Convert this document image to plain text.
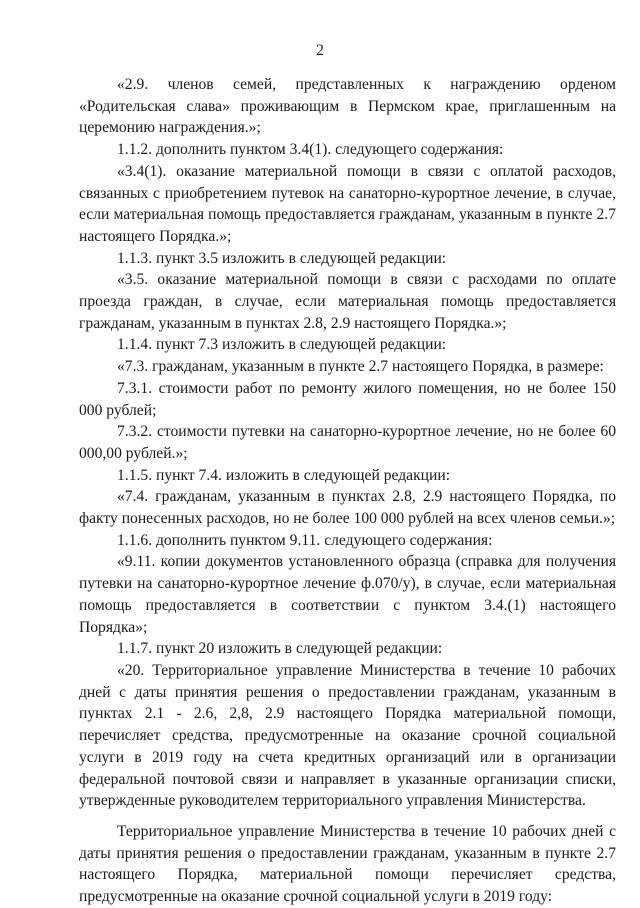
2

«2.9. членов семей, представленных к награждению орденом «Родительская слава» проживающим в Пермском крае, приглашенным на церемонию награждения.»;

1.1.2. дополнить пунктом 3.4(1). следующего содержания:

«3.4(1). оказание материальной помощи в связи с оплатой расходов, связанных с приобретением путевок на санаторно-курортное лечение, в случае, если материальная помощь предоставляется гражданам, указанным в пункте 2.7 настоящего Порядка.»;

1.1.3. пункт 3.5 изложить в следующей редакции:

«3.5. оказание материальной помощи в связи с расходами по оплате проезда граждан, в случае, если материальная помощь предоставляется гражданам, указанным в пунктах 2.8, 2.9 настоящего Порядка.»;

1.1.4. пункт 7.3 изложить в следующей редакции:

«7.3. гражданам, указанным в пункте 2.7 настоящего Порядка, в размере:

7.3.1. стоимости работ по ремонту жилого помещения, но не более 150 000 рублей;

7.3.2. стоимости путевки на санаторно-курортное лечение, но не более 60 000,00 рублей.»;

1.1.5. пункт 7.4. изложить в следующей редакции:

«7.4. гражданам, указанным в пунктах 2.8, 2.9 настоящего Порядка, по факту понесенных расходов, но не более 100 000 рублей на всех членов семьи.»;

1.1.6. дополнить пунктом 9.11. следующего содержания:

«9.11. копии документов установленного образца (справка для получения путевки на санаторно-курортное лечение ф.070/у), в случае, если материальная помощь предоставляется в соответствии с пунктом 3.4.(1) настоящего Порядка»;

1.1.7. пункт 20 изложить в следующей редакции:

«20. Территориальное управление Министерства в течение 10 рабочих дней с даты принятия решения о предоставлении гражданам, указанным в пунктах 2.1 - 2.6, 2,8, 2.9 настоящего Порядка материальной помощи, перечисляет средства, предусмотренные на оказание срочной социальной услуги в 2019 году на счета кредитных организаций или в организации федеральной почтовой связи и направляет в указанные организации списки, утвержденные руководителем территориального управления Министерства.

Территориальное управление Министерства в течение 10 рабочих дней с даты принятия решения о предоставлении гражданам, указанным в пункте 2.7 настоящего Порядка, материальной помощи перечисляет средства, предусмотренные на оказание срочной социальной услуги в 2019 году:
